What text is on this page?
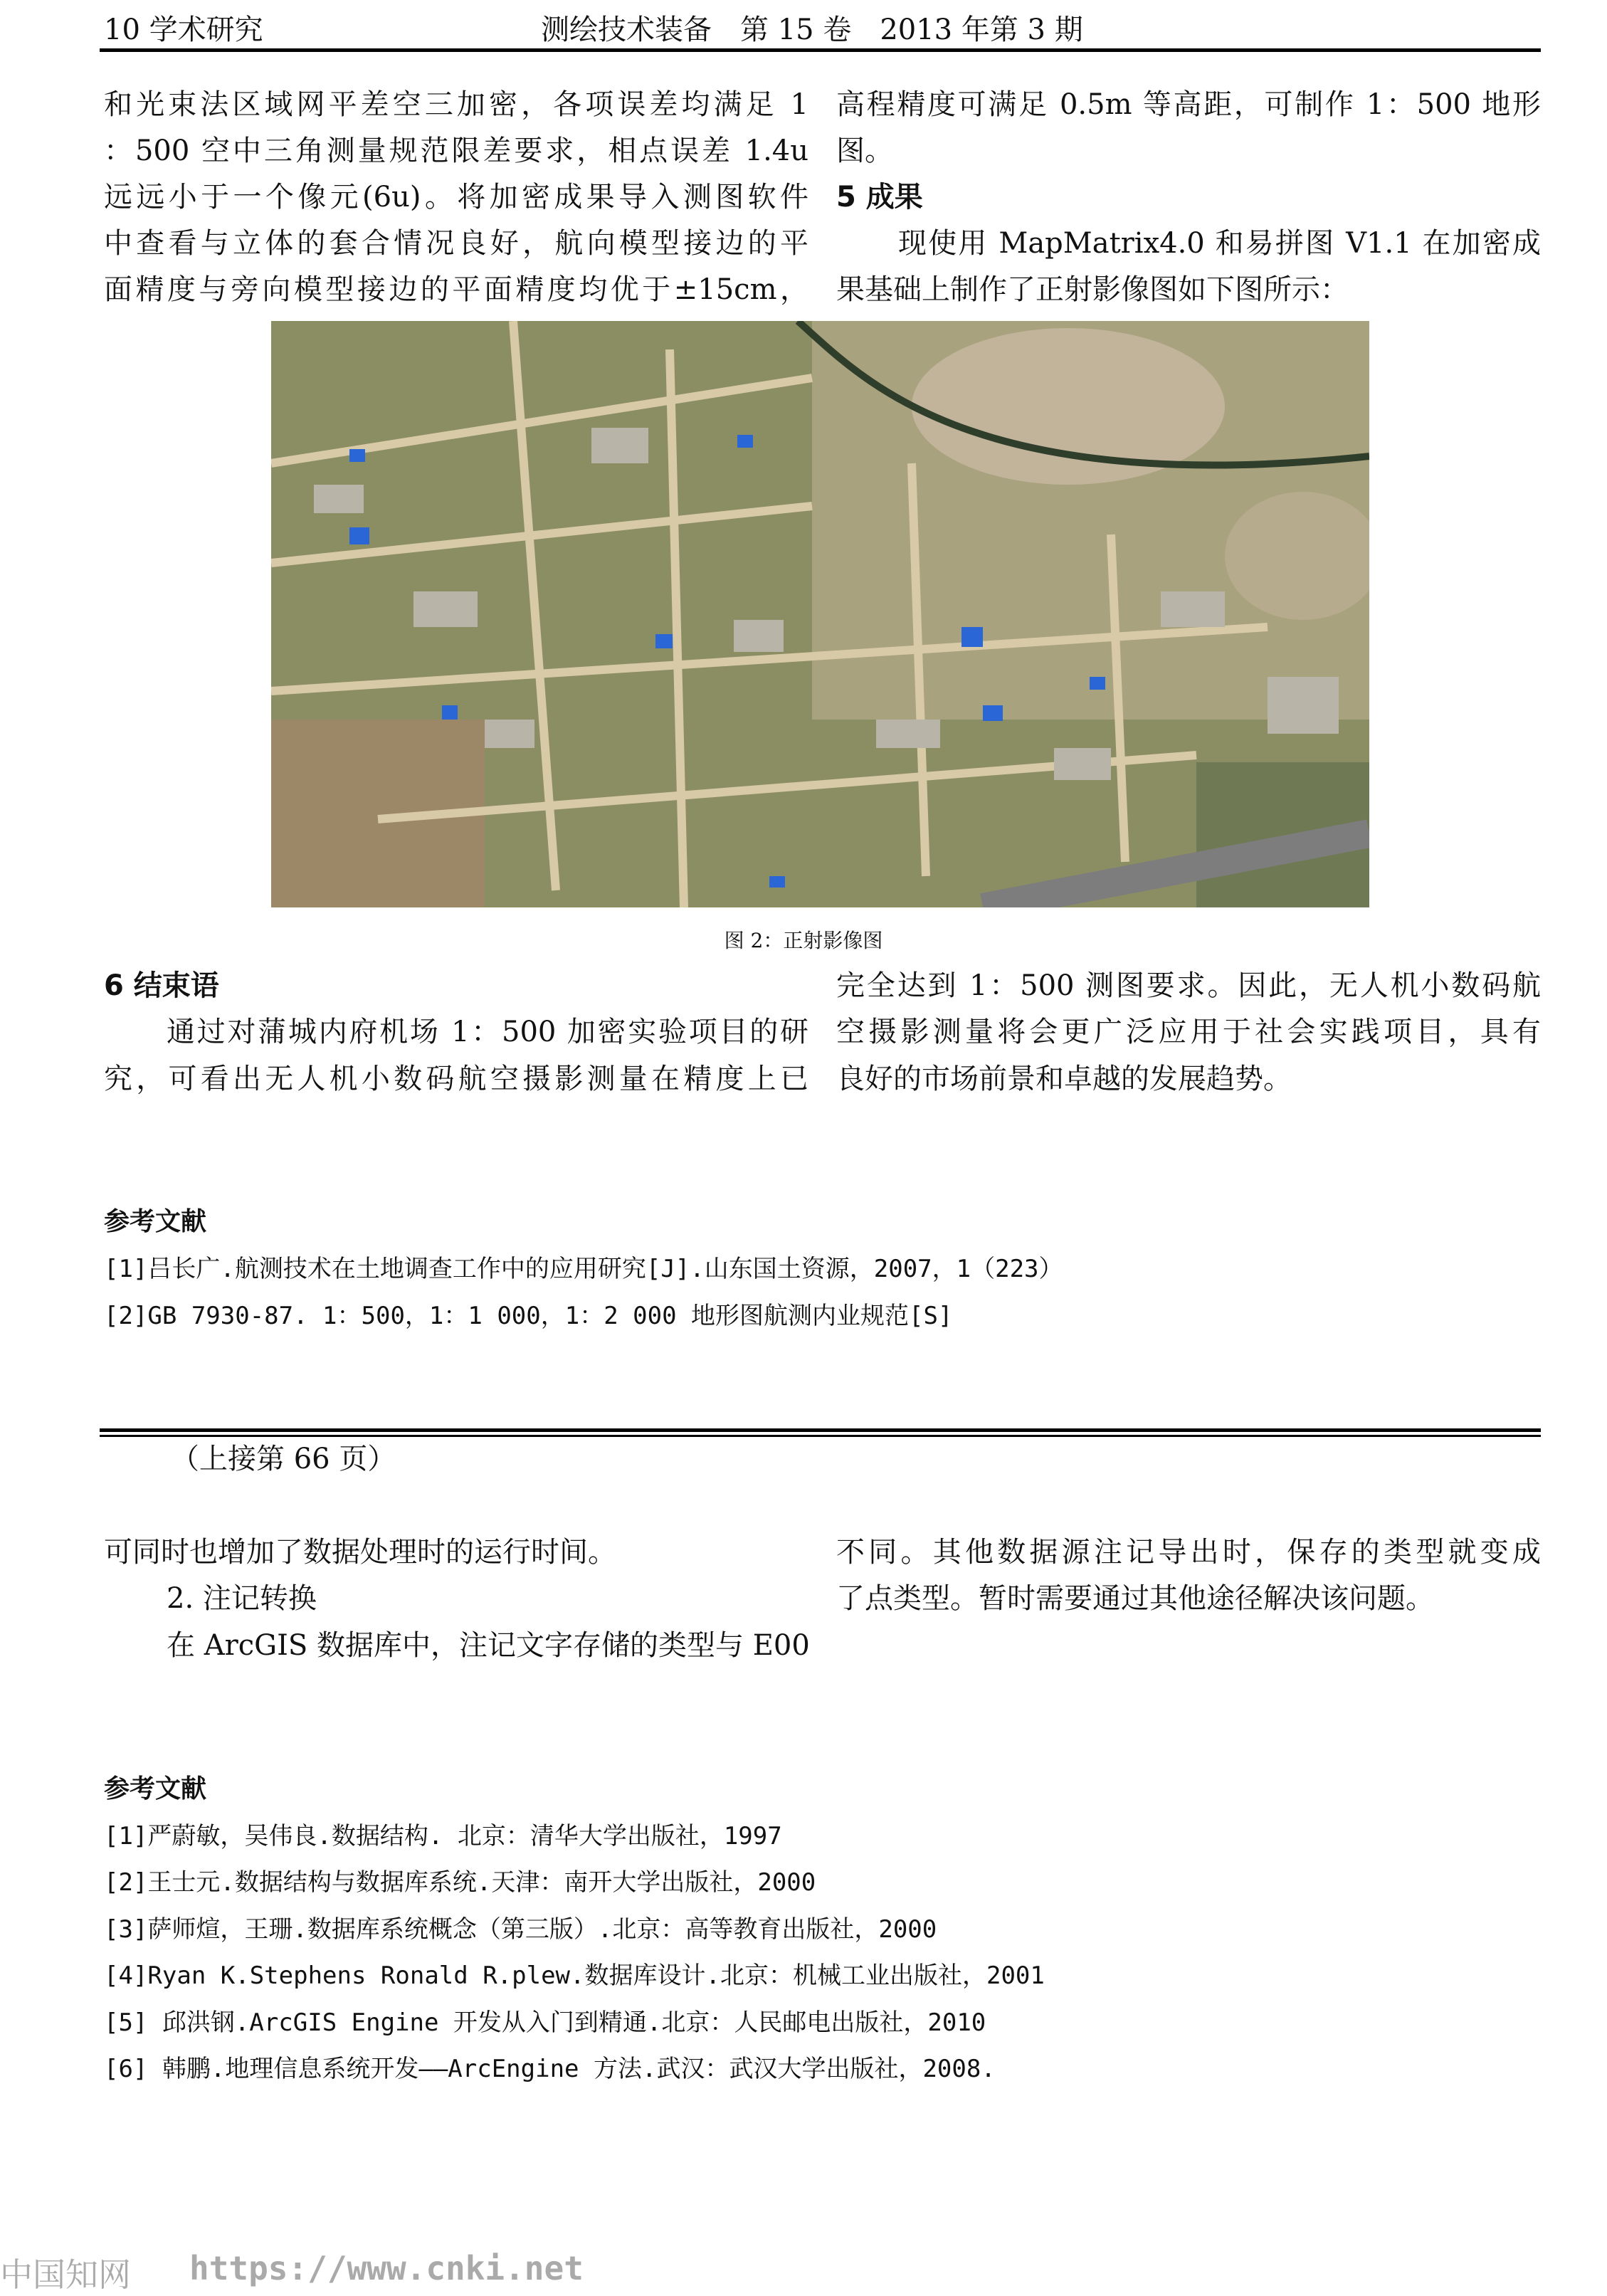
10 学术研究	测绘技术装备　第 15 卷　2013 年第 3 期
和光束法区域网平差空三加密，各项误差均满足 1
：500 空中三角测量规范限差要求，相点误差 1.4u
远远小于一个像元(6u)。将加密成果导入测图软件
中查看与立体的套合情况良好，航向模型接边的平
面精度与旁向模型接边的平面精度均优于±15cm，
高程精度可满足 0.5m 等高距，可制作 1：500 地形
图。
5 成果
现使用 MapMatrix4.0 和易拼图 V1.1 在加密成
果基础上制作了正射影像图如下图所示：
图 2：正射影像图
6 结束语
通过对蒲城内府机场 1：500 加密实验项目的研
究，可看出无人机小数码航空摄影测量在精度上已
完全达到 1：500 测图要求。因此，无人机小数码航
空摄影测量将会更广泛应用于社会实践项目，具有
良好的市场前景和卓越的发展趋势。
参考文献
[1]吕长广.航测技术在土地调查工作中的应用研究[J].山东国土资源，2007，1（223）
[2]GB 7930-87. 1：500，1：1 000，1：2 000 地形图航测内业规范[S]
（上接第 66 页）
可同时也增加了数据处理时的运行时间。
2. 注记转换
在 ArcGIS 数据库中，注记文字存储的类型与 E00
不同。其他数据源注记导出时，保存的类型就变成
了点类型。暂时需要通过其他途径解决该问题。
参考文献
[1]严蔚敏，吴伟良.数据结构. 北京：清华大学出版社，1997
[2]王士元.数据结构与数据库系统.天津：南开大学出版社，2000
[3]萨师煊，王珊.数据库系统概念（第三版）.北京：高等教育出版社，2000
[4]Ryan K.Stephens Ronald R.plew.数据库设计.北京：机械工业出版社，2001
[5] 邱洪钢.ArcGIS Engine 开发从入门到精通.北京：人民邮电出版社，2010
[6] 韩鹏.地理信息系统开发——ArcEngine 方法.武汉：武汉大学出版社，2008.
中国知网 https://www.cnki.net
